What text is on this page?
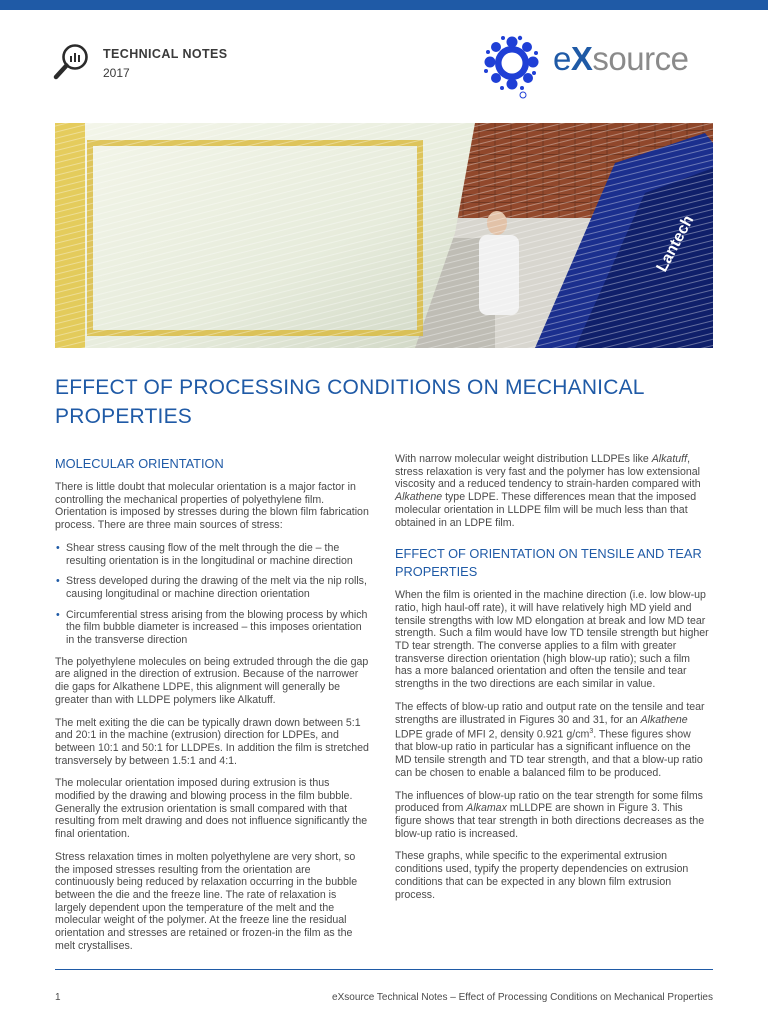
TECHNICAL NOTES
2017	eXsource
EFFECT OF PROCESSING CONDITIONS ON MECHANICAL PROPERTIES
MOLECULAR ORIENTATION

There is little doubt that molecular orientation is a major factor in controlling the mechanical properties of polyethylene film. Orientation is imposed by stresses during the blown film fabrication process. There are three main sources of stress:

• Shear stress causing flow of the melt through the die – the resulting orientation is in the longitudinal or machine direction
• Stress developed during the drawing of the melt via the nip rolls, causing longitudinal or machine direction orientation
• Circumferential stress arising from the blowing process by which the film bubble diameter is increased – this imposes orientation in the transverse direction

The polyethylene molecules on being extruded through the die gap are aligned in the direction of extrusion. Because of the narrower die gaps for Alkathene LDPE, this alignment will generally be greater than with LLDPE polymers like Alkatuff.

The melt exiting the die can be typically drawn down between 5:1 and 20:1 in the machine (extrusion) direction for LDPEs, and between 10:1 and 50:1 for LLDPEs. In addition the film is stretched transversely by between 1.5:1 and 4:1.

The molecular orientation imposed during extrusion is thus modified by the drawing and blowing process in the film bubble. Generally the extrusion orientation is small compared with that resulting from melt drawing and does not influence significantly the final orientation.

Stress relaxation times in molten polyethylene are very short, so the imposed stresses resulting from the orientation are continuously being reduced by relaxation occurring in the bubble between the die and the freeze line. The rate of relaxation is largely dependent upon the temperature of the melt and the molecular weight of the polymer. At the freeze line the residual orientation and stresses are retained or frozen-in the film as the melt crystallises.

With narrow molecular weight distribution LLDPEs like Alkatuff, stress relaxation is very fast and the polymer has low extensional viscosity and a reduced tendency to strain-harden compared with Alkathene type LDPE. These differences mean that the imposed molecular orientation in LLDPE film will be much less than that obtained in an LDPE film.

EFFECT OF ORIENTATION ON TENSILE AND TEAR PROPERTIES

When the film is oriented in the machine direction (i.e. low blow-up ratio, high haul-off rate), it will have relatively high MD yield and tensile strengths with low MD elongation at break and low MD tear strength. Such a film would have low TD tensile strength but higher TD tear strength. The converse applies to a film with greater transverse direction orientation (high blow-up ratio); such a film has a more balanced orientation and often the tensile and tear strengths in the two directions are each similar in value.

The effects of blow-up ratio and output rate on the tensile and tear strengths are illustrated in Figures 30 and 31, for an Alkathene LDPE grade of MFI 2, density 0.921 $g/cm^3$. These figures show that blow-up ratio in particular has a significant influence on the MD tensile strength and TD tear strength, and that a blow-up ratio can be chosen to enable a balanced film to be produced.

The influences of blow-up ratio on the tear strength for some films produced from Alkamax mLLDPE are shown in Figure 3. This figure shows that tear strength in both directions decreases as the blow-up ratio is increased.

These graphs, while specific to the experimental extrusion conditions used, typify the property dependencies on extrusion conditions that can be expected in any blown film extrusion process.

1	eXsource Technical Notes – Effect of Processing Conditions on Mechanical Properties
